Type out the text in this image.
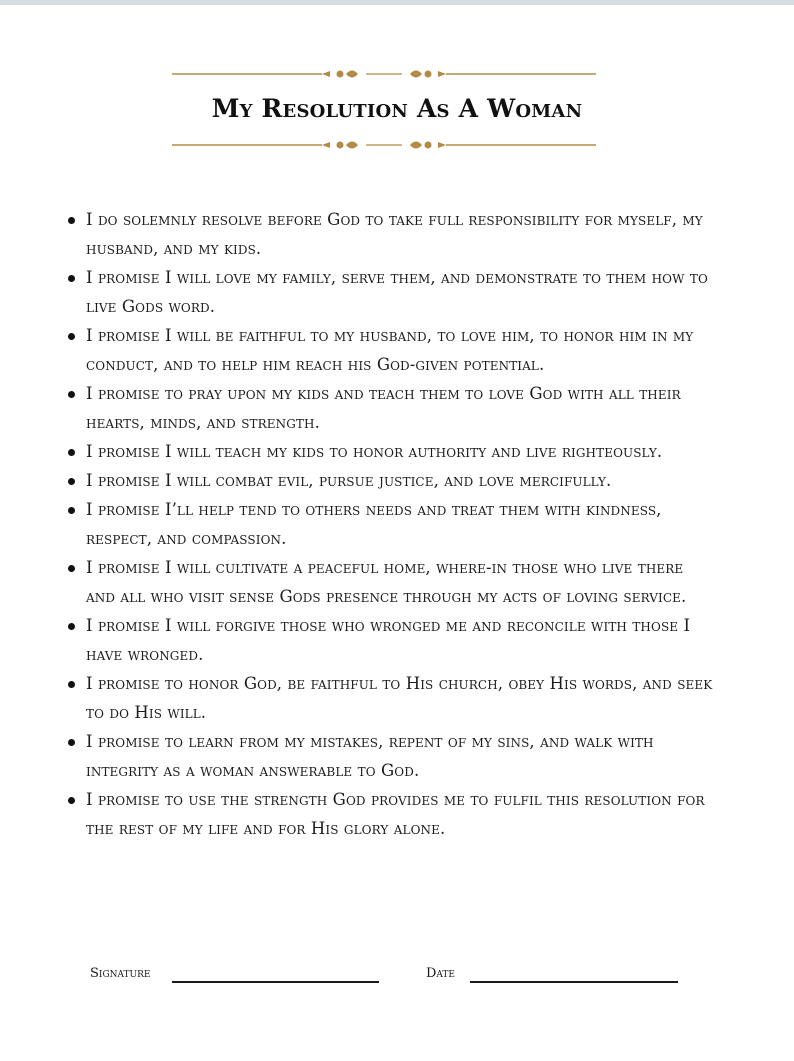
My Resolution As A Woman
I do solemnly resolve before God to take full responsibility for myself, my husband, and my kids.
I promise I will love my family, serve them, and demonstrate to them how to live Gods word.
I promise I will be faithful to my husband, to love him, to honor him in my conduct, and to help him reach his God-given potential.
I promise to pray upon my kids and teach them to love God with all their hearts, minds, and strength.
I promise I will teach my kids to honor authority and live righteously.
I promise I will combat evil, pursue justice, and love mercifully.
I promise I’ll help tend to others needs and treat them with kindness, respect, and compassion.
I promise I will cultivate a peaceful home, where-in those who live there and all who visit sense Gods presence through my acts of loving service.
I promise I will forgive those who wronged me and reconcile with those I have wronged.
I promise to honor God, be faithful to His church, obey His words, and seek to do His will.
I promise to learn from my mistakes, repent of my sins, and walk with integrity as a woman answerable to God.
I promise to use the strength God provides me to fulfil this resolution for the rest of my life and for His glory alone.
Signature	Date
